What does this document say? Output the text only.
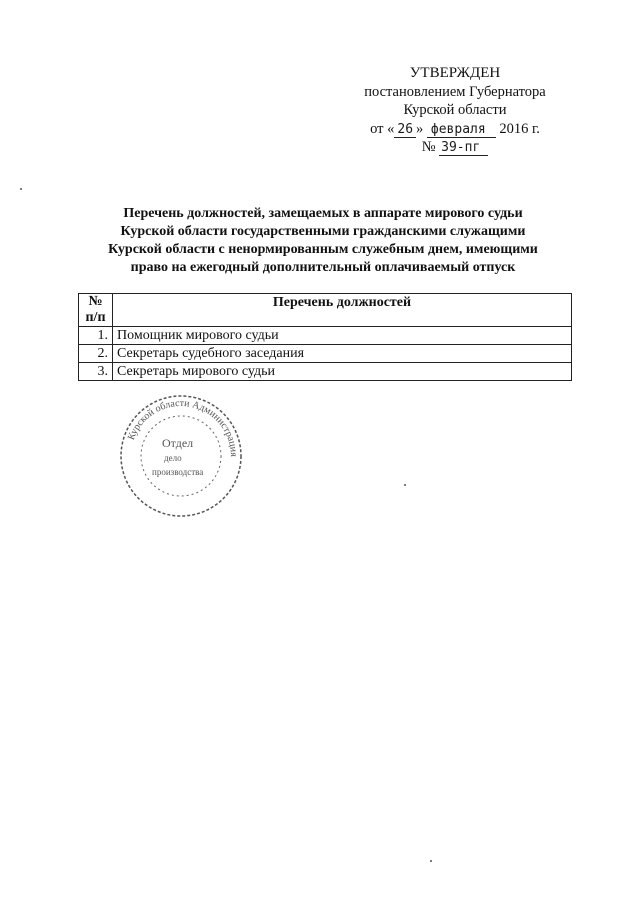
УТВЕРЖДЕН
постановлением Губернатора
Курской области
от « 26 » февраля 2016 г.
№ 39-пг
Перечень должностей, замещаемых в аппарате мирового судьи
Курской области государственными гражданскими служащими
Курской области с ненормированным служебным днем, имеющими
право на ежегодный дополнительный оплачиваемый отпуск
№
п/п	Перечень должностей
1.	Помощник мирового судьи
2.	Секретарь судебного заседания
3.	Секретарь мирового судьи
Курской области Администрация
Отдел
дело
производства
